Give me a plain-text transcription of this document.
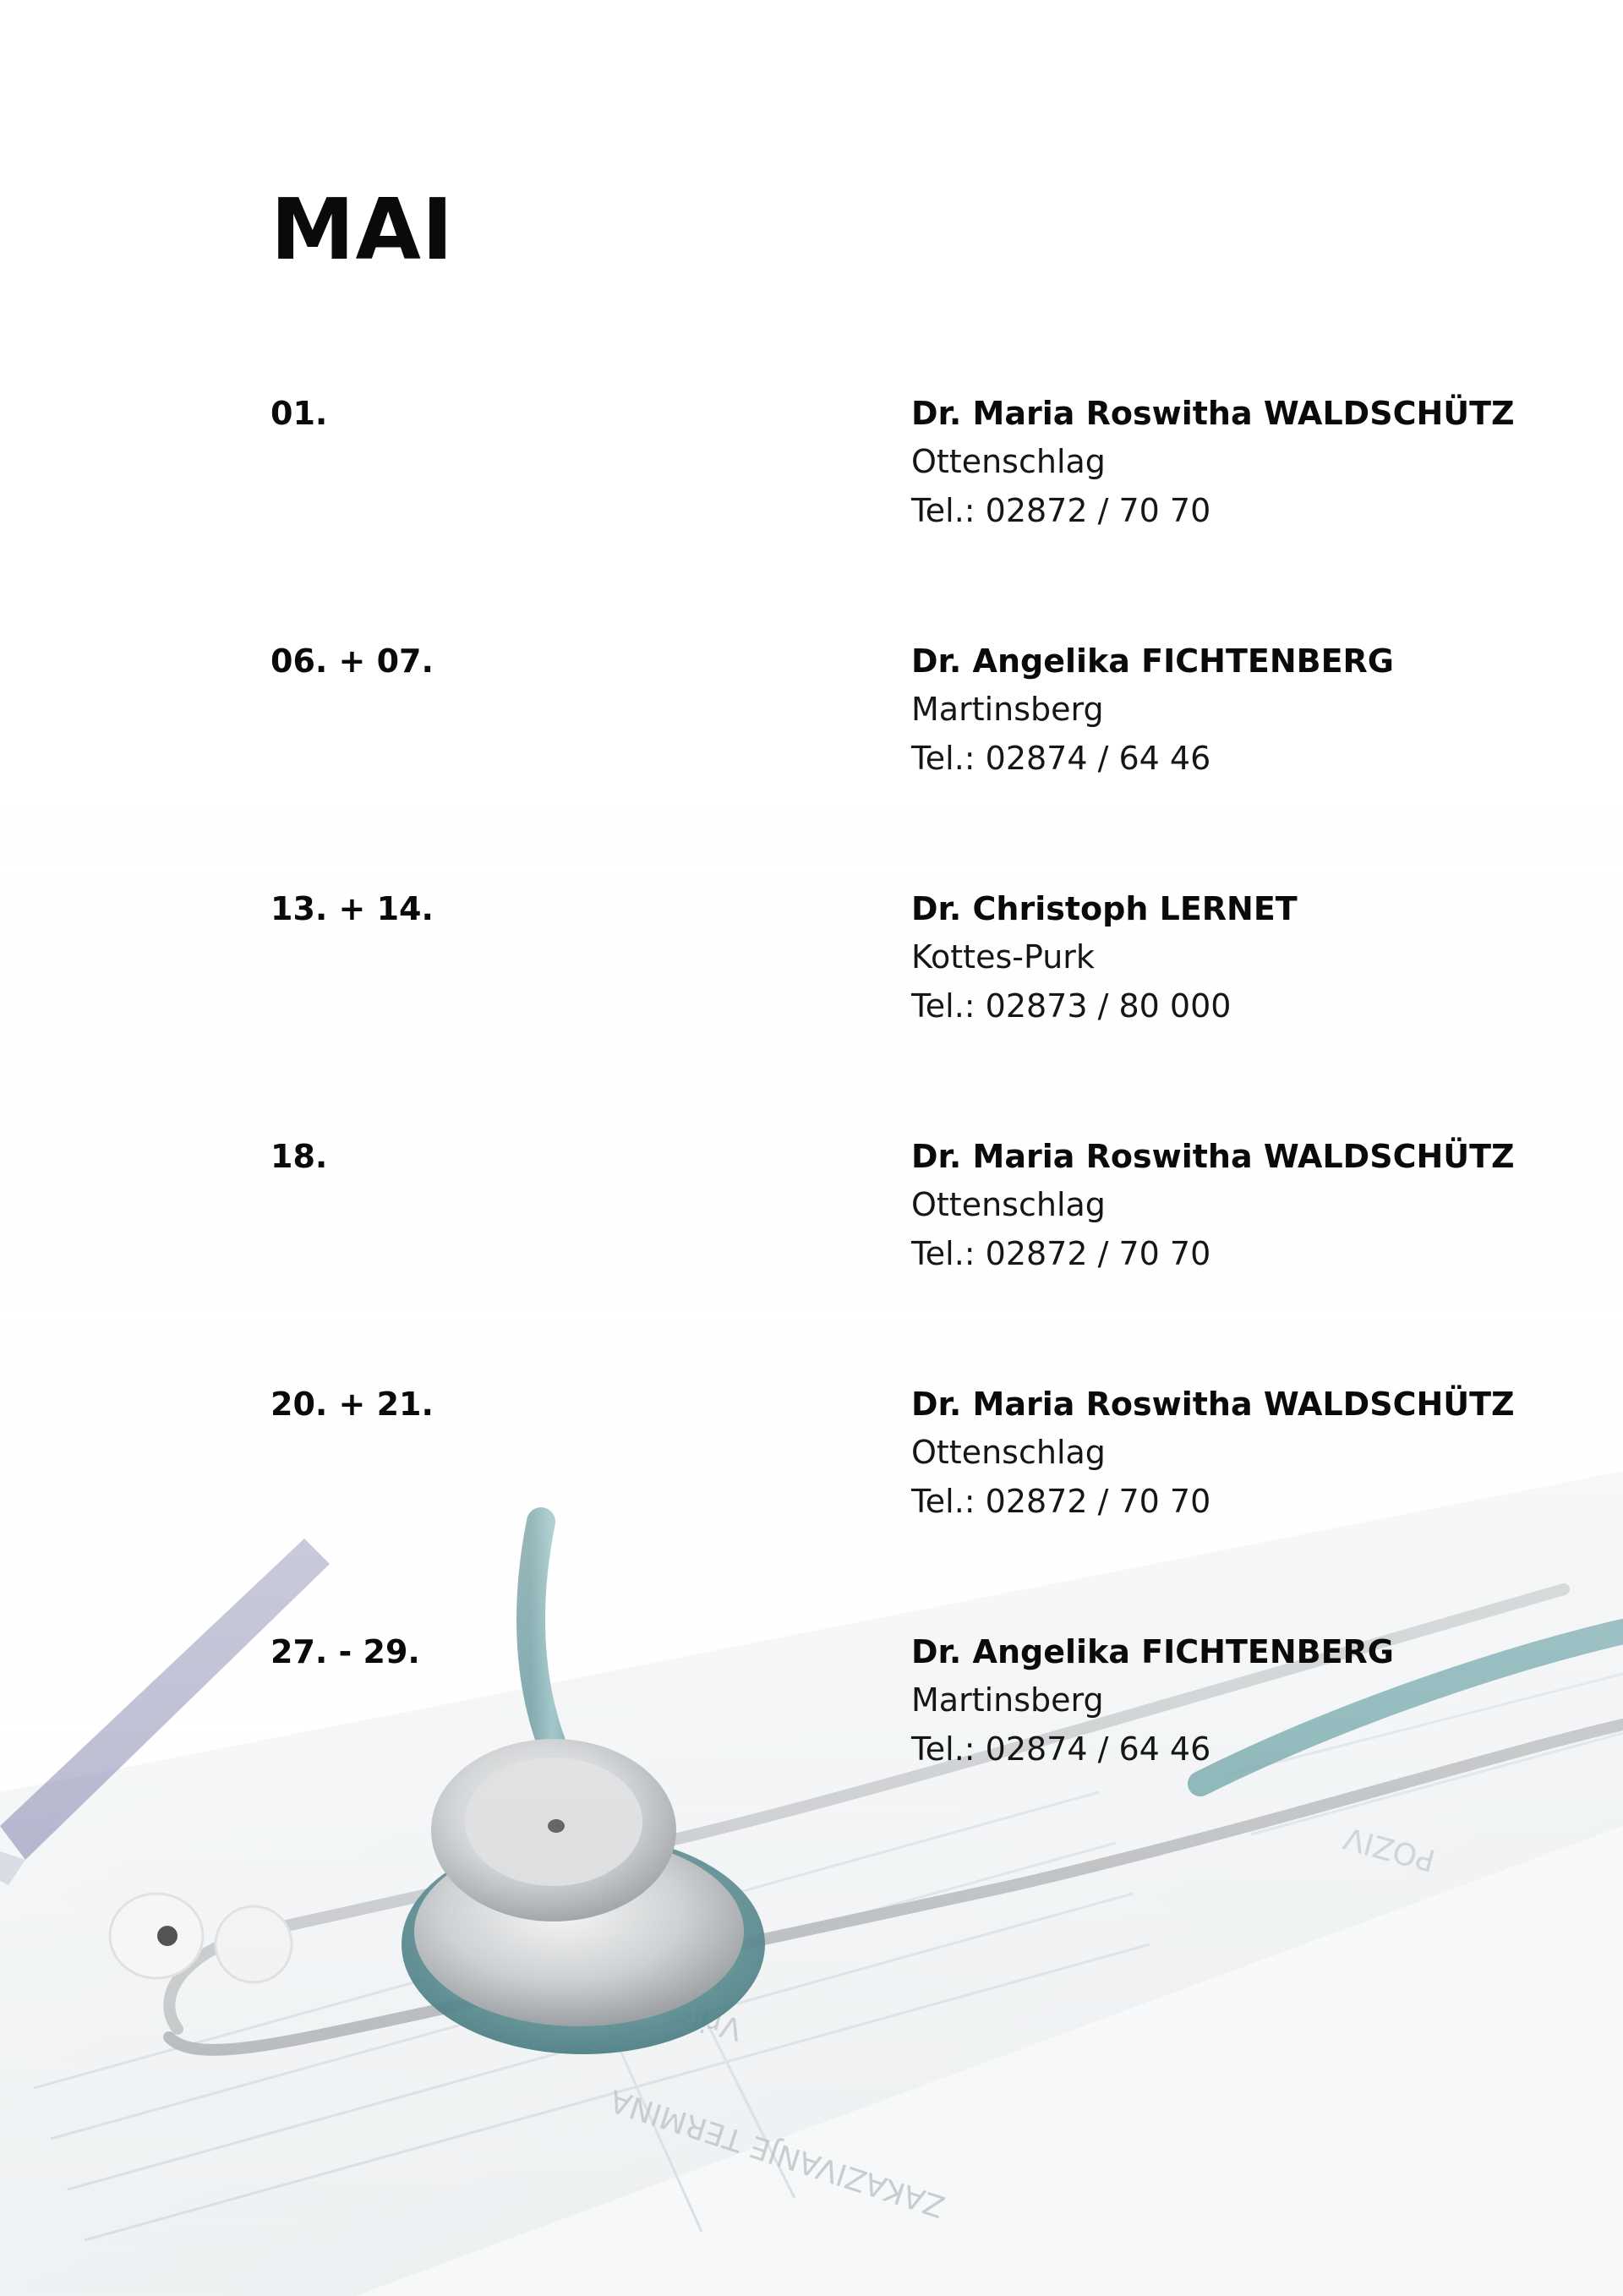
MAI
01.	Dr. Maria Roswitha WALDSCHÜTZ
Ottenschlag
Tel.: 02872 / 70 70
06. + 07.	Dr. Angelika FICHTENBERG
Martinsberg
Tel.: 02874 / 64 46
13. + 14.	Dr. Christoph LERNET
Kottes-Purk
Tel.: 02873 / 80 000
18.	Dr. Maria Roswitha WALDSCHÜTZ
Ottenschlag
Tel.: 02872 / 70 70
20. + 21.	Dr. Maria Roswitha WALDSCHÜTZ
Ottenschlag
Tel.: 02872 / 70 70
27. - 29.	Dr. Angelika FICHTENBERG
Martinsberg
Tel.: 02874 / 64 46
